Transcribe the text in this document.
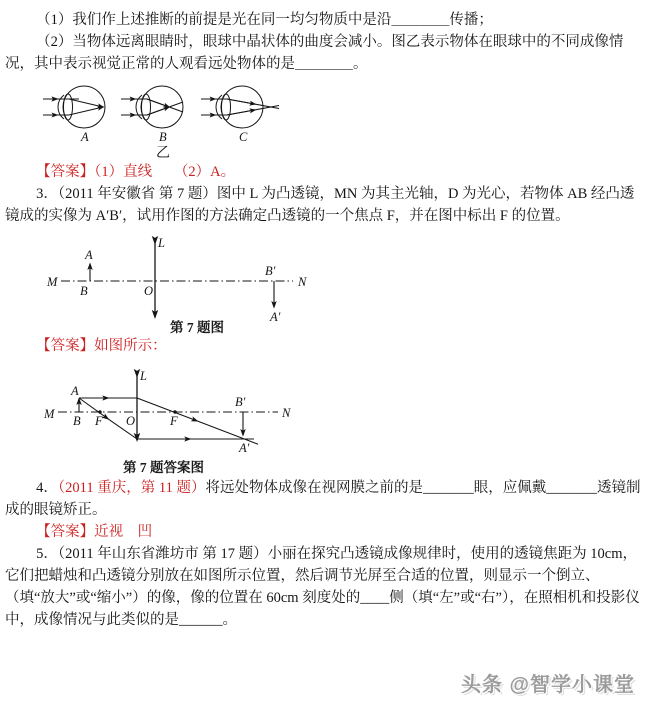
（1）我们作上述推断的前提是光在同一均匀物质中是沿＿＿＿＿传播；

（2）当物体远离眼睛时，眼球中晶状体的曲度会减小。图乙表示物体在眼球中的不同成像情况，其中表示视觉正常的人观看远处物体的是＿＿＿＿。

A	B	C
乙

【答案】（1）直线　　（2）A。

3．（2011 年安徽省 第 7 题）图中 L 为凸透镜，MN 为其主光轴，D 为光心，若物体 AB 经凸透镜成的实像为 A′B′，试用作图的方法确定凸透镜的一个焦点 F，并在图中标出 F 的位置。

M	N
L
O
A
B
B′
A′
第 7 题图

【答案】如图所示：

M	N
L
O
A
B F	F
B′
A′
第 7 题答案图

4．（2011 重庆，第 11 题）将远处物体成像在视网膜之前的是_______眼，应佩戴_______透镜制成的眼镜矫正。

【答案】近视　凹

5．（2011 年山东省潍坊市 第 17 题）小丽在探究凸透镜成像规律时，使用的透镜焦距为 10cm，它们把蜡烛和凸透镜分别放在如图所示位置，然后调节光屏至合适的位置，则显示一个倒立、（填“放大”或“缩小”）的像，像的位置在 60cm 刻度处的____侧（填“左”或“右”），在照相机和投影仪中，成像情况与此类似的是______。

头条 @智学小课堂
